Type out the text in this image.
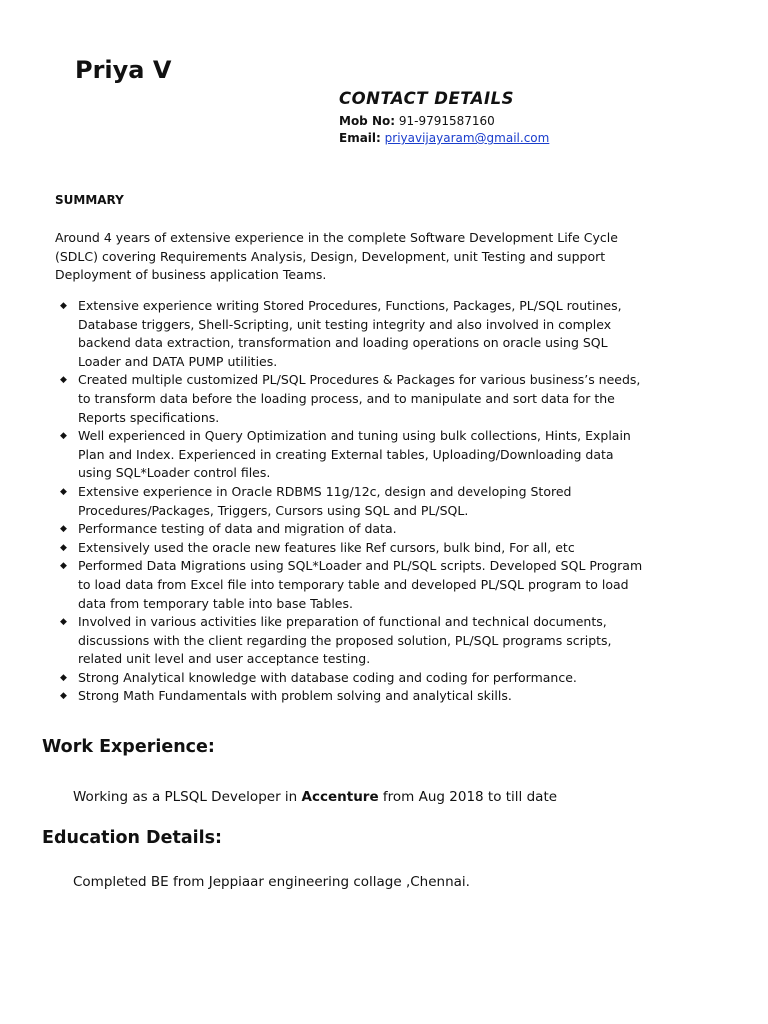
Priya V
CONTACT DETAILS
Mob No: 91-9791587160
Email: priyavijayaram@gmail.com
SUMMARY
Around 4 years of extensive experience in the complete Software Development Life Cycle (SDLC) covering Requirements Analysis, Design, Development, unit Testing and support Deployment of business application Teams.
◆ Extensive experience writing Stored Procedures, Functions, Packages, PL/SQL routines, Database triggers, Shell-Scripting, unit testing integrity and also involved in complex backend data extraction, transformation and loading operations on oracle using SQL Loader and DATA PUMP utilities.
◆ Created multiple customized PL/SQL Procedures & Packages for various business’s needs, to transform data before the loading process, and to manipulate and sort data for the Reports specifications.
◆ Well experienced in Query Optimization and tuning using bulk collections, Hints, Explain Plan and Index. Experienced in creating External tables, Uploading/Downloading data using SQL*Loader control files.
◆ Extensive experience in Oracle RDBMS 11g/12c, design and developing Stored Procedures/Packages, Triggers, Cursors using SQL and PL/SQL.
◆ Performance testing of data and migration of data.
◆ Extensively used the oracle new features like Ref cursors, bulk bind, For all, etc
◆ Performed Data Migrations using SQL*Loader and PL/SQL scripts. Developed SQL Program to load data from Excel file into temporary table and developed PL/SQL program to load data from temporary table into base Tables.
◆ Involved in various activities like preparation of functional and technical documents, discussions with the client regarding the proposed solution, PL/SQL programs scripts, related unit level and user acceptance testing.
◆ Strong Analytical knowledge with database coding and coding for performance.
◆ Strong Math Fundamentals with problem solving and analytical skills.
Work Experience:
Working as a PLSQL Developer in Accenture from Aug 2018 to till date
Education Details:
Completed BE from Jeppiaar engineering collage ,Chennai.
